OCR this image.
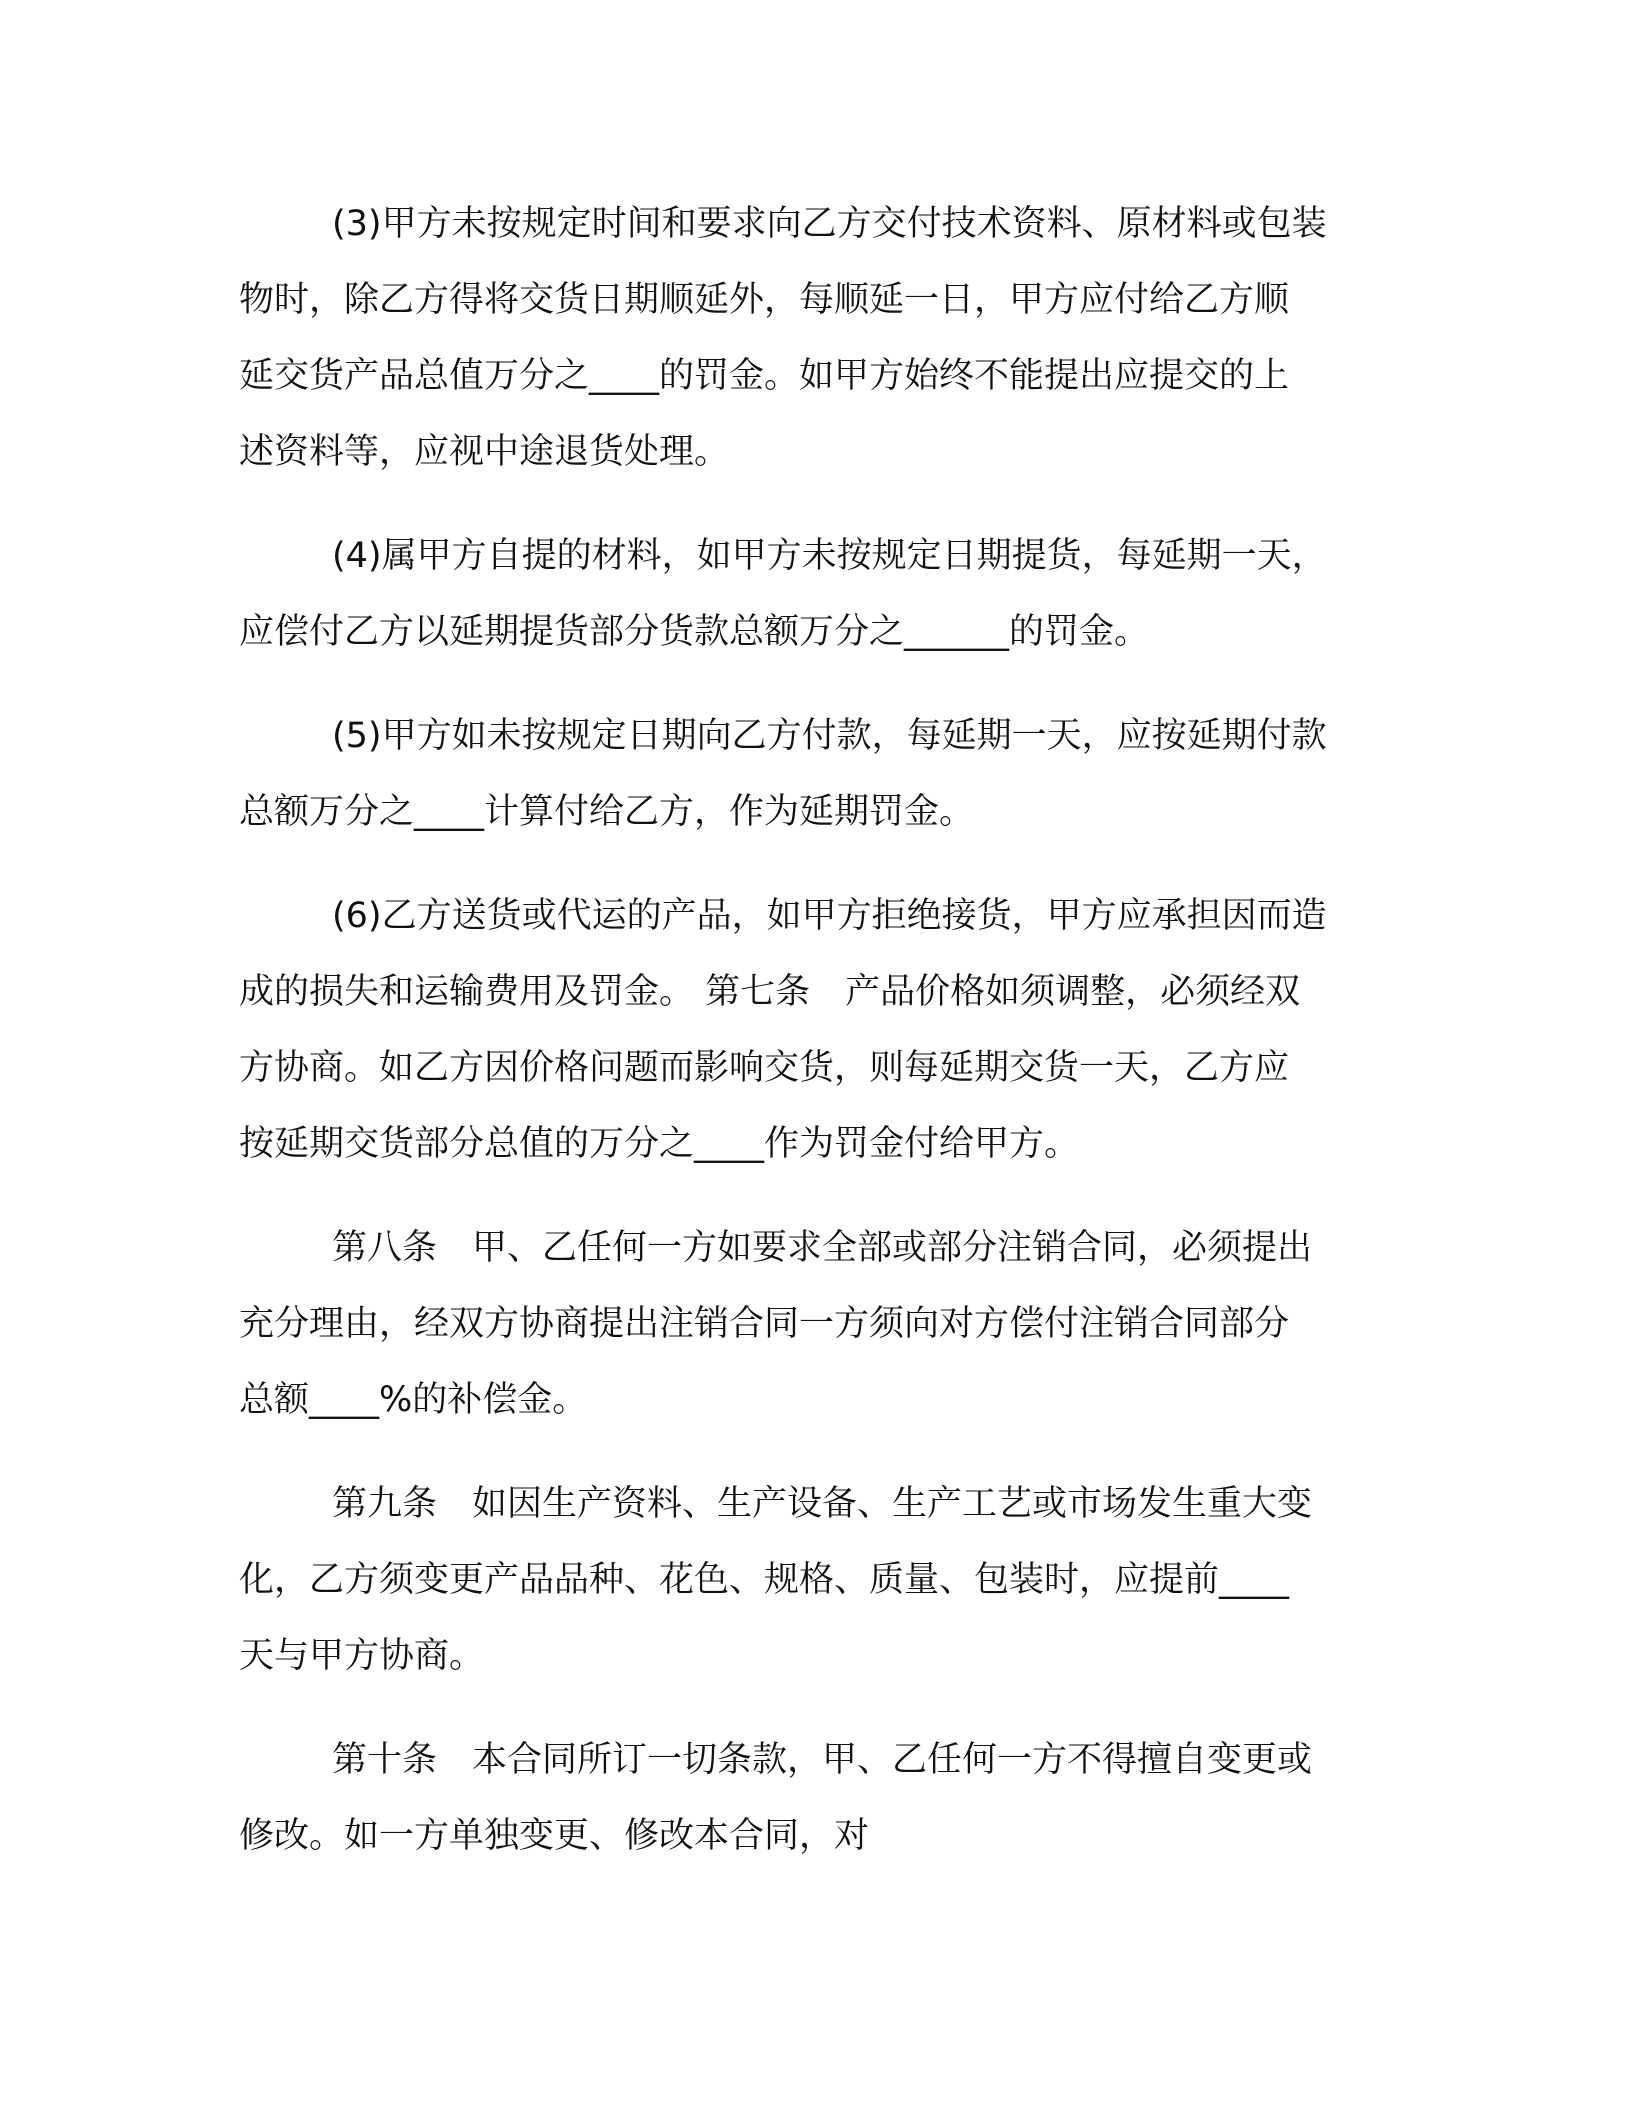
(3)甲方未按规定时间和要求向乙方交付技术资料、原材料或包装
物时，除乙方得将交货日期顺延外，每顺延一日，甲方应付给乙方顺
延交货产品总值万分之____的罚金。如甲方始终不能提出应提交的上
述资料等，应视中途退货处理。

(4)属甲方自提的材料，如甲方未按规定日期提货，每延期一天，
应偿付乙方以延期提货部分货款总额万分之______的罚金。

(5)甲方如未按规定日期向乙方付款，每延期一天，应按延期付款
总额万分之____计算付给乙方，作为延期罚金。

(6)乙方送货或代运的产品，如甲方拒绝接货，甲方应承担因而造
成的损失和运输费用及罚金。 第七条　产品价格如须调整，必须经双
方协商。如乙方因价格问题而影响交货，则每延期交货一天，乙方应
按延期交货部分总值的万分之____作为罚金付给甲方。

第八条　甲、乙任何一方如要求全部或部分注销合同，必须提出
充分理由，经双方协商提出注销合同一方须向对方偿付注销合同部分
总额____%的补偿金。

第九条　如因生产资料、生产设备、生产工艺或市场发生重大变
化，乙方须变更产品品种、花色、规格、质量、包装时，应提前____
天与甲方协商。

第十条　本合同所订一切条款，甲、乙任何一方不得擅自变更或
修改。如一方单独变更、修改本合同，对
